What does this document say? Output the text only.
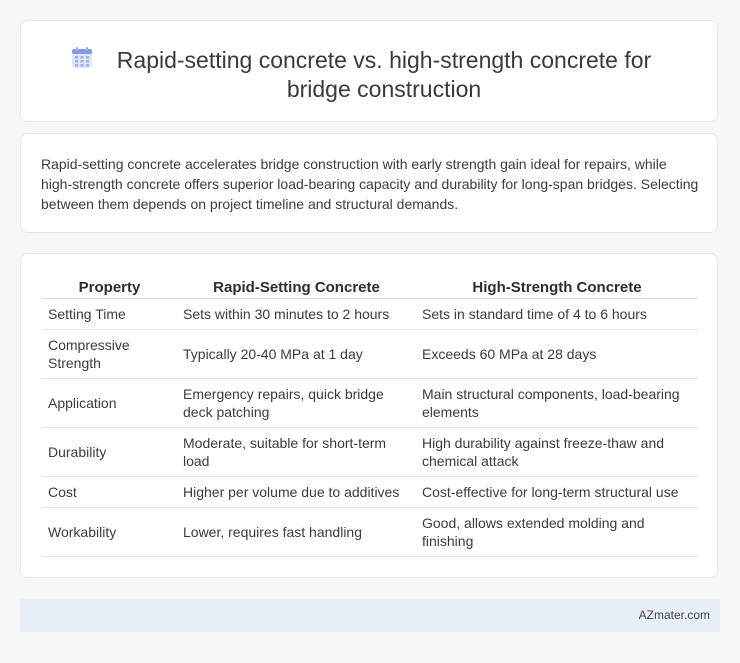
Rapid-setting concrete vs. high-strength concrete for bridge construction

Rapid-setting concrete accelerates bridge construction with early strength gain ideal for repairs, while high-strength concrete offers superior load-bearing capacity and durability for long-span bridges. Selecting between them depends on project timeline and structural demands.

Property	Rapid-Setting Concrete	High-Strength Concrete
Setting Time	Sets within 30 minutes to 2 hours	Sets in standard time of 4 to 6 hours
Compressive Strength	Typically 20-40 MPa at 1 day	Exceeds 60 MPa at 28 days
Application	Emergency repairs, quick bridge deck patching	Main structural components, load-bearing elements
Durability	Moderate, suitable for short-term load	High durability against freeze-thaw and chemical attack
Cost	Higher per volume due to additives	Cost-effective for long-term structural use
Workability	Lower, requires fast handling	Good, allows extended molding and finishing
AZmater.com
